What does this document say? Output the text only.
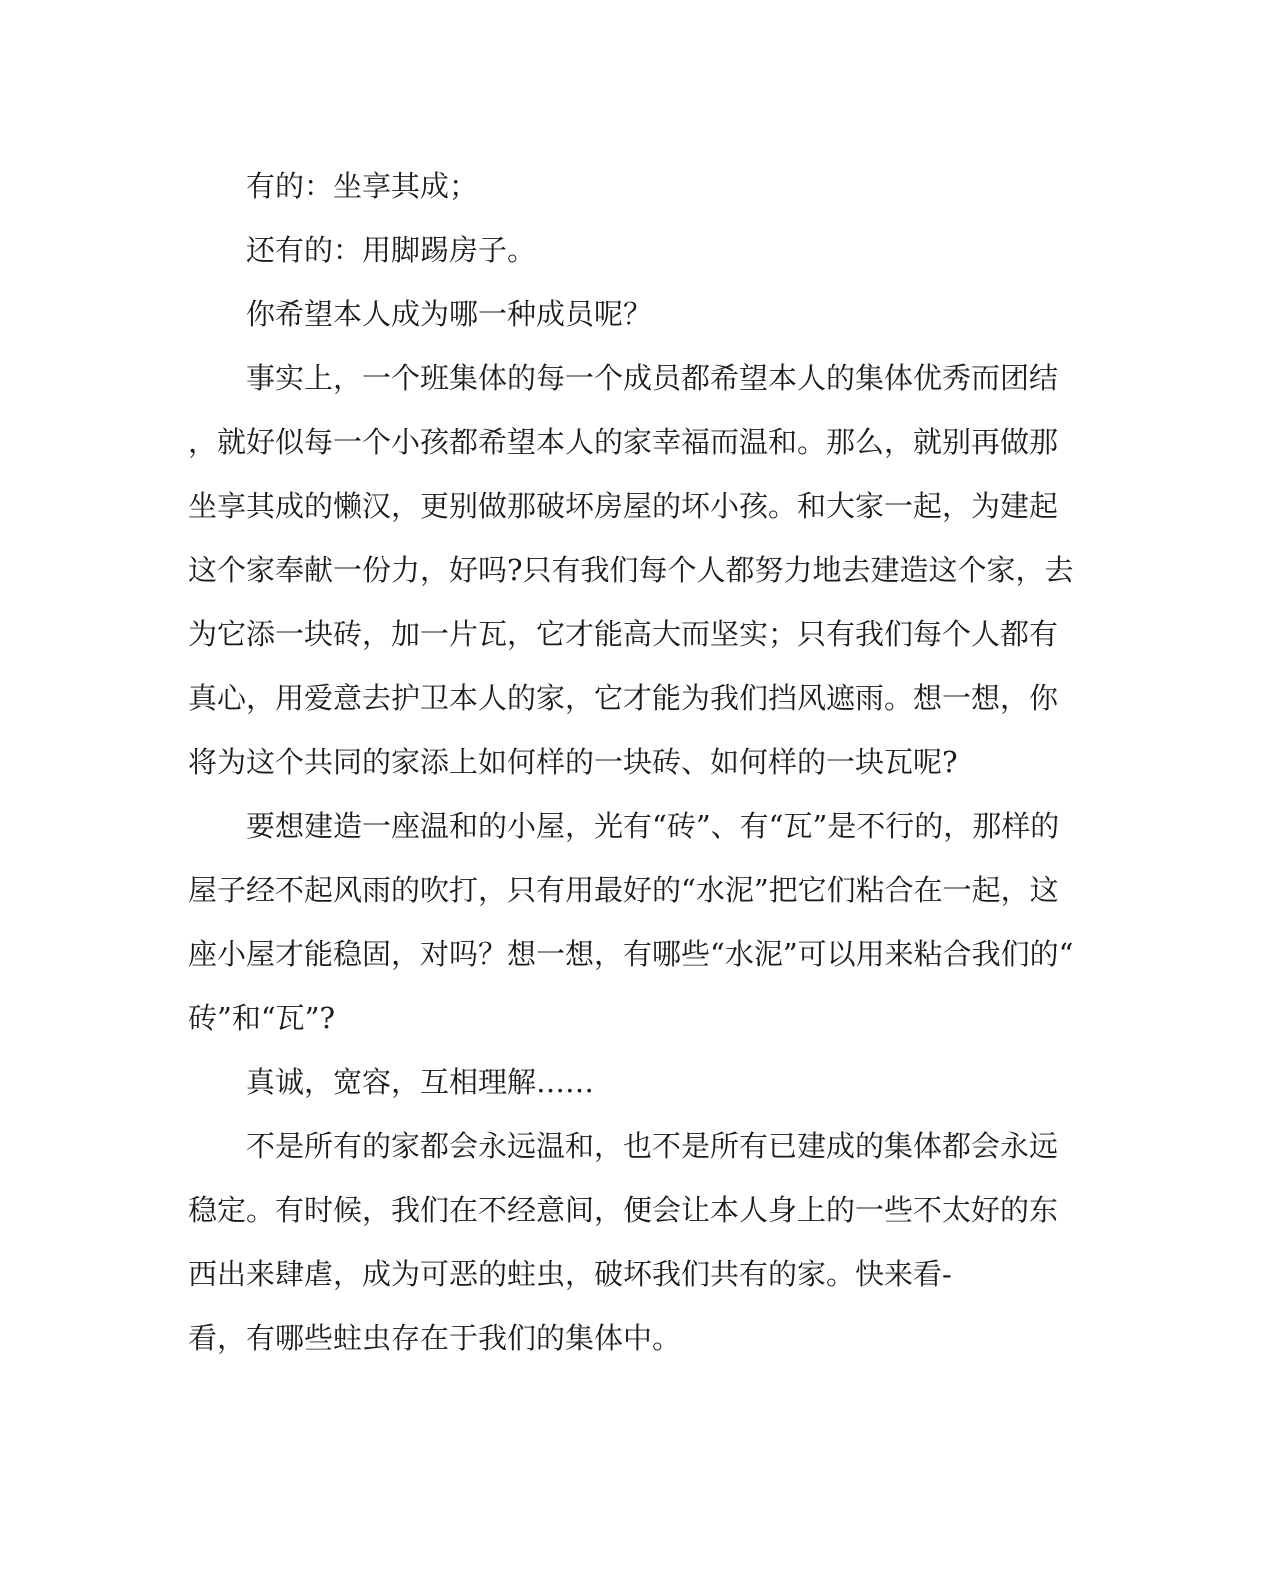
有的：坐享其成；
还有的：用脚踢房子。
你希望本人成为哪一种成员呢？
事实上，一个班集体的每一个成员都希望本人的集体优秀而团结
，就好似每一个小孩都希望本人的家幸福而温和。那么，就别再做那
坐享其成的懒汉，更别做那破坏房屋的坏小孩。和大家一起，为建起
这个家奉献一份力，好吗?只有我们每个人都努力地去建造这个家，去
为它添一块砖，加一片瓦，它才能高大而坚实；只有我们每个人都有
真心，用爱意去护卫本人的家，它才能为我们挡风遮雨。想一想，你
将为这个共同的家添上如何样的一块砖、如何样的一块瓦呢?
要想建造一座温和的小屋，光有“砖”、有“瓦”是不行的，那样的
屋子经不起风雨的吹打，只有用最好的“水泥”把它们粘合在一起，这
座小屋才能稳固，对吗？想一想，有哪些“水泥”可以用来粘合我们的“
砖”和“瓦”?
真诚，宽容，互相理解……
不是所有的家都会永远温和，也不是所有已建成的集体都会永远
稳定。有时候，我们在不经意间，便会让本人身上的一些不太好的东
西出来肆虐，成为可恶的蛀虫，破坏我们共有的家。快来看-
看，有哪些蛀虫存在于我们的集体中。
